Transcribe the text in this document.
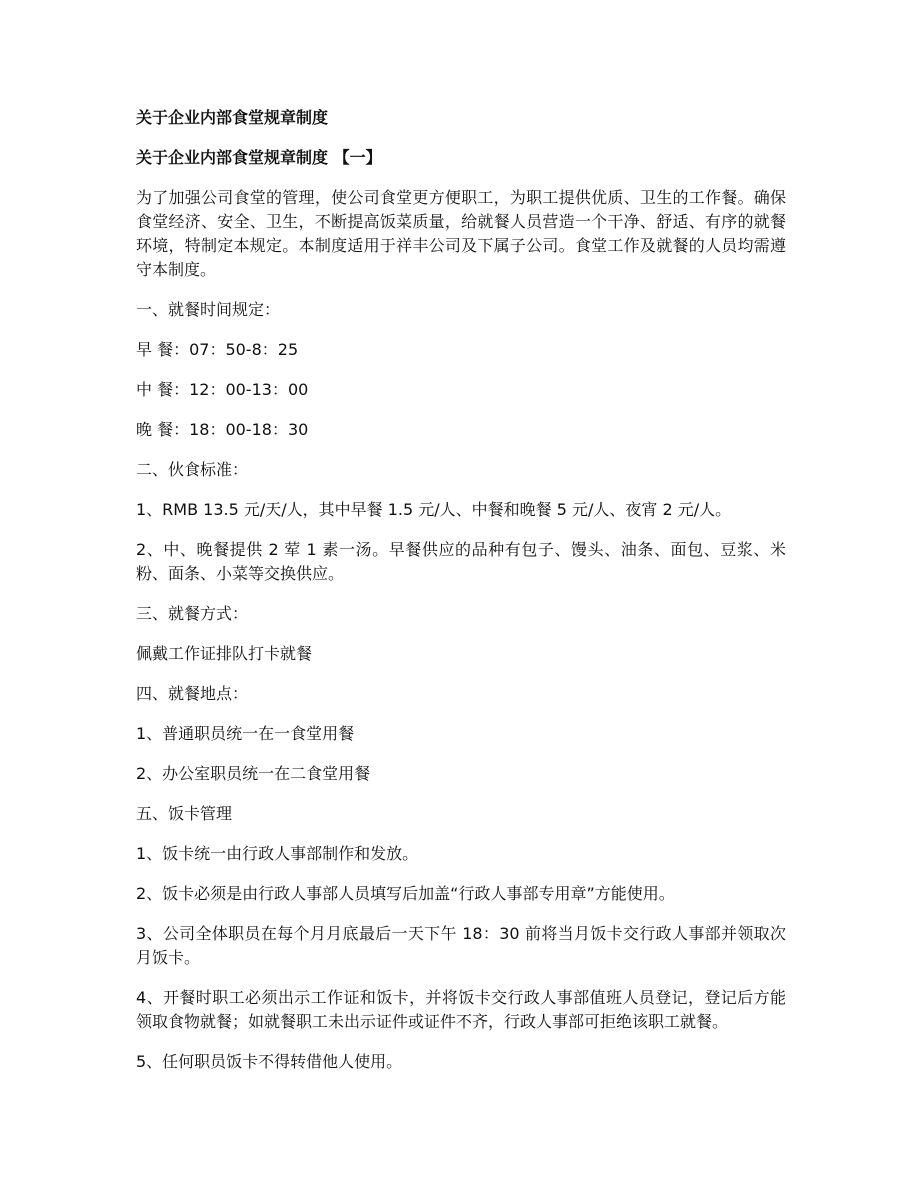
关于企业内部食堂规章制度

关于企业内部食堂规章制度 【一】

为了加强公司食堂的管理，使公司食堂更方便职工，为职工提供优质、卫生的工作餐。确保食堂经济、安全、卫生，不断提高饭菜质量，给就餐人员营造一个干净、舒适、有序的就餐环境，特制定本规定。本制度适用于祥丰公司及下属子公司。食堂工作及就餐的人员均需遵守本制度。

一、就餐时间规定：

早 餐：07：50-8：25

中 餐：12：00-13：00

晚 餐：18：00-18：30

二、伙食标准：

1、RMB 13.5 元/天/人，其中早餐 1.5 元/人、中餐和晚餐 5 元/人、夜宵 2 元/人。

2、中、晚餐提供 2 荤 1 素一汤。早餐供应的品种有包子、馒头、油条、面包、豆浆、米粉、面条、小菜等交换供应。

三、就餐方式：

佩戴工作证排队打卡就餐

四、就餐地点：

1、普通职员统一在一食堂用餐

2、办公室职员统一在二食堂用餐

五、饭卡管理

1、饭卡统一由行政人事部制作和发放。

2、饭卡必须是由行政人事部人员填写后加盖“行政人事部专用章”方能使用。

3、公司全体职员在每个月月底最后一天下午 18：30 前将当月饭卡交行政人事部并领取次月饭卡。

4、开餐时职工必须出示工作证和饭卡，并将饭卡交行政人事部值班人员登记，登记后方能领取食物就餐；如就餐职工未出示证件或证件不齐，行政人事部可拒绝该职工就餐。

5、任何职员饭卡不得转借他人使用。
